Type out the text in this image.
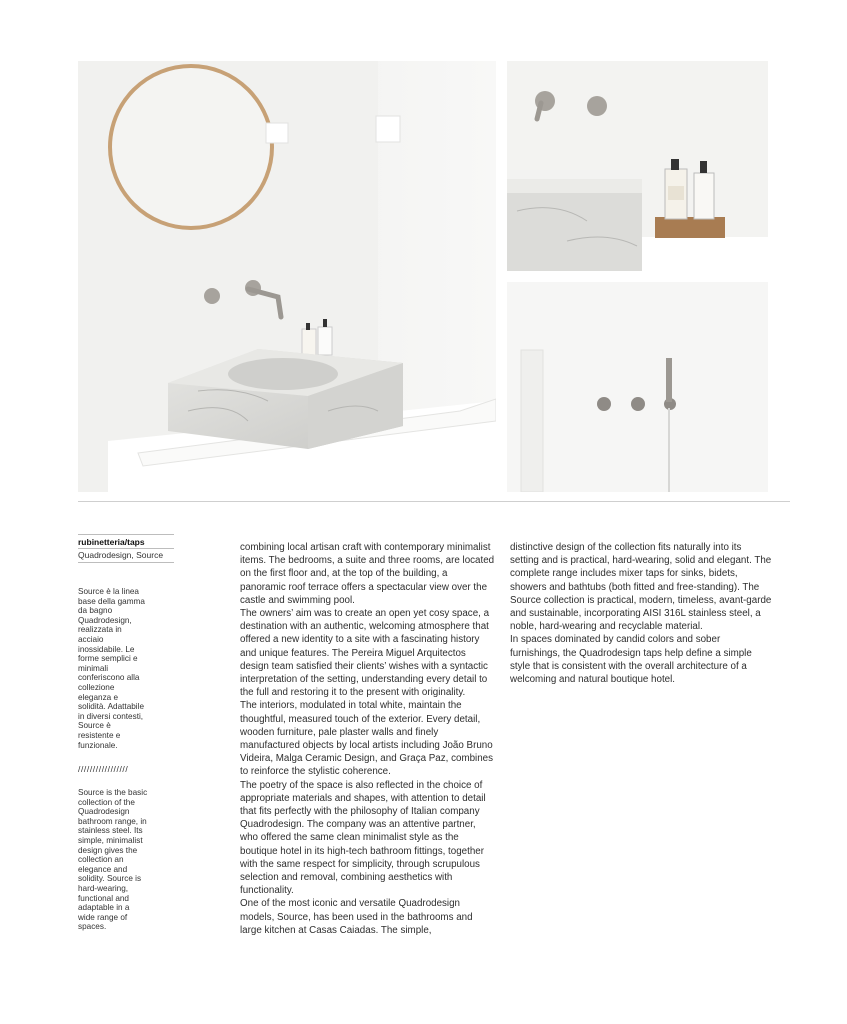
rubinetteria/taps
Quadrodesign, Source
Source è la linea base della gamma da bagno Quadrodesign, realizzata in acciaio inossidabile. Le forme semplici e minimali conferiscono alla collezione eleganza e solidità. Adattabile in diversi contesti, Source è resistente e funzionale.
/////////////////
Source is the basic collection of the Quadrodesign bathroom range, in stainless steel. Its simple, minimalist design gives the collection an elegance and solidity. Source is hard-wearing, functional and adaptable in a wide range of spaces.

combining local artisan craft with contemporary minimalist items. The bedrooms, a suite and three rooms, are located on the first floor and, at the top of the building, a panoramic roof terrace offers a spectacular view over the castle and swimming pool.

The owners’ aim was to create an open yet cosy space, a destination with an authentic, welcoming atmosphere that offered a new identity to a site with a fascinating history and unique features. The Pereira Miguel Arquitectos design team satisfied their clients’ wishes with a syntactic interpretation of the setting, understanding every detail to the full and restoring it to the present with originality.

The interiors, modulated in total white, maintain the thoughtful, measured touch of the exterior. Every detail, wooden furniture, pale plaster walls and finely manufactured objects by local artists including João Bruno Videira, Malga Ceramic Design, and Graça Paz, combines to reinforce the stylistic coherence.

The poetry of the space is also reflected in the choice of appropriate materials and shapes, with attention to detail that fits perfectly with the philosophy of Italian company Quadrodesign. The company was an attentive partner, who offered the same clean minimalist style as the boutique hotel in its high-tech bathroom fittings, together with the same respect for simplicity, through scrupulous selection and removal, combining aesthetics with functionality.

One of the most iconic and versatile Quadrodesign models, Source, has been used in the bathrooms and large kitchen at Casas Caiadas. The simple,

distinctive design of the collection fits naturally into its setting and is practical, hard-wearing, solid and elegant. The complete range includes mixer taps for sinks, bidets, showers and bathtubs (both fitted and free-standing). The Source collection is practical, modern, timeless, avant-garde and sustainable, incorporating AISI 316L stainless steel, a noble, hard-wearing and recyclable material.

In spaces dominated by candid colors and sober furnishings, the Quadrodesign taps help define a simple style that is consistent with the overall architecture of a welcoming and natural boutique hotel.
